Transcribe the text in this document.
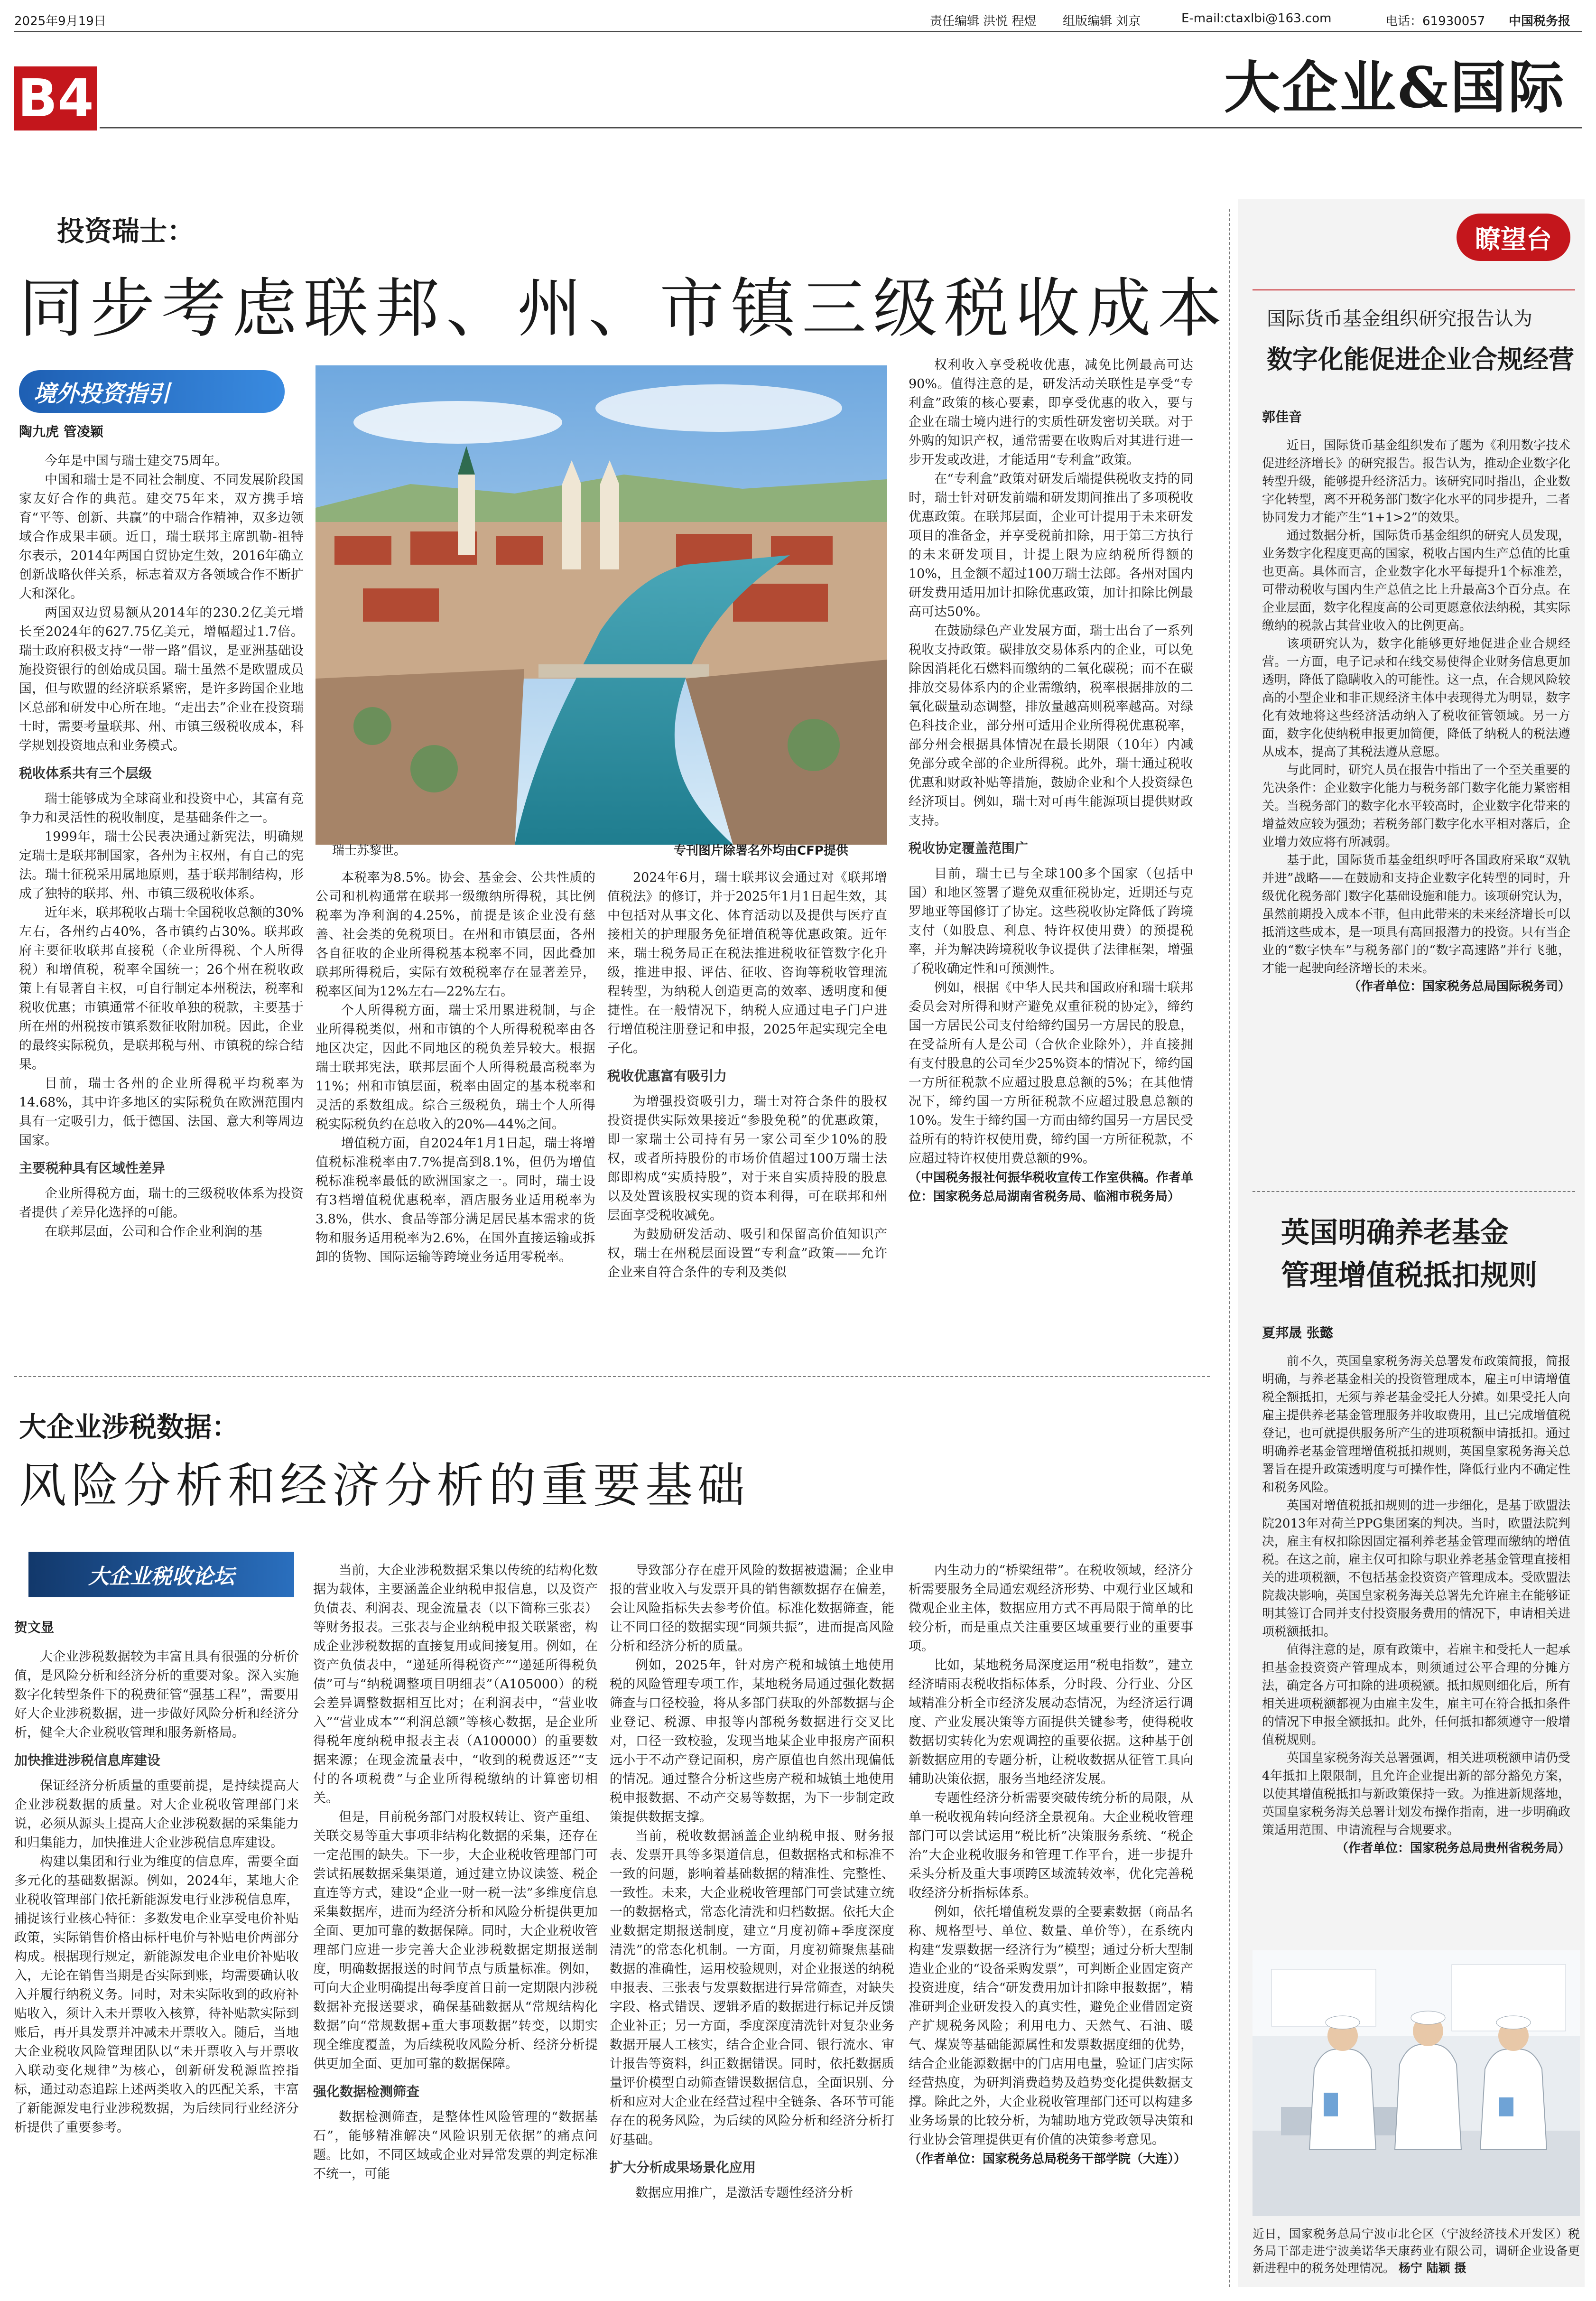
2025年9月19日	责任编辑 洪悦 程煜 组版编辑 刘京	E-mail:ctaxlbi@163.com	电话：61930057 中国税务报
B4	大企业&国际
投资瑞士：
同步考虑联邦、州、市镇三级税收成本
境外投资指引

陶九虎 管凌颖

今年是中国与瑞士建交75周年。

中国和瑞士是不同社会制度、不同发展阶段国家友好合作的典范。建交75年来，双方携手培育“平等、创新、共赢”的中瑞合作精神，双多边领域合作成果丰硕。近日，瑞士联邦主席凯勒-祖特尔表示，2014年两国自贸协定生效，2016年确立创新战略伙伴关系，标志着双方各领域合作不断扩大和深化。

两国双边贸易额从2014年的230.2亿美元增长至2024年的627.75亿美元，增幅超过1.7倍。瑞士政府积极支持“一带一路”倡议，是亚洲基础设施投资银行的创始成员国。瑞士虽然不是欧盟成员国，但与欧盟的经济联系紧密，是许多跨国企业地区总部和研发中心所在地。“走出去”企业在投资瑞士时，需要考量联邦、州、市镇三级税收成本，科学规划投资地点和业务模式。

税收体系共有三个层级

瑞士能够成为全球商业和投资中心，其富有竞争力和灵活性的税收制度，是基础条件之一。

1999年，瑞士公民表决通过新宪法，明确规定瑞士是联邦制国家，各州为主权州，有自己的宪法。瑞士征税采用属地原则，基于联邦制结构，形成了独特的联邦、州、市镇三级税收体系。

近年来，联邦税收占瑞士全国税收总额的30%左右，各州约占40%，各市镇约占30%。联邦政府主要征收联邦直接税（企业所得税、个人所得税）和增值税，税率全国统一；26个州在税收政策上有显著自主权，可自行制定本州税法，税率和税收优惠；市镇通常不征收单独的税款，主要基于所在州的州税按市镇系数征收附加税。因此，企业的最终实际税负，是联邦税与州、市镇税的综合结果。

目前，瑞士各州的企业所得税平均税率为14.68%，其中许多地区的实际税负在欧洲范围内具有一定吸引力，低于德国、法国、意大利等周边国家。

主要税种具有区域性差异

企业所得税方面，瑞士的三级税收体系为投资者提供了差异化选择的可能。

在联邦层面，公司和合作企业利润的基

瑞士苏黎世。	专刊图片除署名外均由CFP提供

本税率为8.5%。协会、基金会、公共性质的公司和机构通常在联邦一级缴纳所得税，其比例税率为净利润的4.25%，前提是该企业没有慈善、社会类的免税项目。在州和市镇层面，各州各自征收的企业所得税基本税率不同，因此叠加联邦所得税后，实际有效税税率存在显著差异，税率区间为12%左右—22%左右。

个人所得税方面，瑞士采用累进税制，与企业所得税类似，州和市镇的个人所得税税率由各地区决定，因此不同地区的税负差异较大。根据瑞士联邦宪法，联邦层面个人所得税最高税率为11%；州和市镇层面，税率由固定的基本税率和灵活的系数组成。综合三级税负，瑞士个人所得税实际税负约在总收入的20%—44%之间。

增值税方面，自2024年1月1日起，瑞士将增值税标准税率由7.7%提高到8.1%，但仍为增值税标准税率最低的欧洲国家之一。同时，瑞士设有3档增值税优惠税率，酒店服务业适用税率为3.8%，供水、食品等部分满足居民基本需求的货物和服务适用税率为2.6%，在国外直接运输或拆卸的货物、国际运输等跨境业务适用零税率。

2024年6月，瑞士联邦议会通过对《联邦增值税法》的修订，并于2025年1月1日起生效，其中包括对从事文化、体育活动以及提供与医疗直接相关的护理服务免征增值税等优惠政策。近年来，瑞士税务局正在税法推进税收征管数字化升级，推进申报、评估、征收、咨询等税收管理流程转型，为纳税人创造更高的效率、透明度和便捷性。在一般情况下，纳税人应通过电子门户进行增值税注册登记和申报，2025年起实现完全电子化。

税收优惠富有吸引力

为增强投资吸引力，瑞士对符合条件的股权投资提供实际效果接近“参股免税”的优惠政策，即一家瑞士公司持有另一家公司至少10%的股权，或者所持股份的市场价值超过100万瑞士法郎即构成“实质持股”，对于来自实质持股的股息以及处置该股权实现的资本利得，可在联邦和州层面享受税收减免。

为鼓励研发活动、吸引和保留高价值知识产权，瑞士在州税层面设置“专利盒”政策——允许企业来自符合条件的专利及类似

权利收入享受税收优惠，减免比例最高可达90%。值得注意的是，研发活动关联性是享受“专利盒”政策的核心要素，即享受优惠的收入，要与企业在瑞士境内进行的实质性研发密切关联。对于外购的知识产权，通常需要在收购后对其进行进一步开发或改进，才能适用“专利盒”政策。

在“专利盒”政策对研发后端提供税收支持的同时，瑞士针对研发前端和研发期间推出了多项税收优惠政策。在联邦层面，企业可计提用于未来研发项目的准备金，并享受税前扣除，用于第三方执行的未来研发项目，计提上限为应纳税所得额的10%，且金额不超过100万瑞士法郎。各州对国内研发费用适用加计扣除优惠政策，加计扣除比例最高可达50%。

在鼓励绿色产业发展方面，瑞士出台了一系列税收支持政策。碳排放交易体系内的企业，可以免除因消耗化石燃料而缴纳的二氧化碳税；而不在碳排放交易体系内的企业需缴纳，税率根据排放的二氧化碳量动态调整，排放量越高则税率越高。对绿色科技企业，部分州可适用企业所得税优惠税率，部分州会根据具体情况在最长期限（10年）内减免部分或全部的企业所得税。此外，瑞士通过税收优惠和财政补贴等措施，鼓励企业和个人投资绿色经济项目。例如，瑞士对可再生能源项目提供财政支持。

税收协定覆盖范围广

目前，瑞士已与全球100多个国家（包括中国）和地区签署了避免双重征税协定，近期还与克罗地亚等国修订了协定。这些税收协定降低了跨境支付（如股息、利息、特许权使用费）的预提税率，并为解决跨境税收争议提供了法律框架，增强了税收确定性和可预测性。

例如，根据《中华人民共和国政府和瑞士联邦委员会对所得和财产避免双重征税的协定》，缔约国一方居民公司支付给缔约国另一方居民的股息，在受益所有人是公司（合伙企业除外），并直接拥有支付股息的公司至少25%资本的情况下，缔约国一方所征税款不应超过股息总额的5%；在其他情况下，缔约国一方所征税款不应超过股息总额的10%。发生于缔约国一方而由缔约国另一方居民受益所有的特许权使用费，缔约国一方所征税款，不应超过特许权使用费总额的9%。

（中国税务报社何振华税收宣传工作室供稿。作者单位：国家税务总局湖南省税务局、临湘市税务局）

大企业涉税数据：
风险分析和经济分析的重要基础
大企业税收论坛

贺文显

大企业涉税数据较为丰富且具有很强的分析价值，是风险分析和经济分析的重要对象。深入实施数字化转型条件下的税费征管“强基工程”，需要用好大企业涉税数据，进一步做好风险分析和经济分析，健全大企业税收管理和服务新格局。

加快推进涉税信息库建设

保证经济分析质量的重要前提，是持续提高大企业涉税数据的质量。对大企业税收管理部门来说，必须从源头上提高大企业涉税数据的采集能力和归集能力，加快推进大企业涉税信息库建设。

构建以集团和行业为维度的信息库，需要全面多元化的基础数据源。例如，2024年，某地大企业税收管理部门依托新能源发电行业涉税信息库，捕捉该行业核心特征：多数发电企业享受电价补贴政策，实际销售价格由标杆电价与补贴电价两部分构成。根据现行规定，新能源发电企业电价补贴收入，无论在销售当期是否实际到账，均需要确认收入并履行纳税义务。同时，对未实际收到的政府补贴收入，须计入未开票收入核算，待补贴款实际到账后，再开具发票并冲减未开票收入。随后，当地大企业税收风险管理团队以“未开票收入与开票收入联动变化规律”为核心，创新研发税源监控指标，通过动态追踪上述两类收入的匹配关系，丰富了新能源发电行业涉税数据，为后续同行业经济分析提供了重要参考。

当前，大企业涉税数据采集以传统的结构化数据为载体，主要涵盖企业纳税申报信息，以及资产负债表、利润表、现金流量表（以下简称三张表）等财务报表。三张表与企业纳税申报关联紧密，构成企业涉税数据的直接复用或间接复用。例如，在资产负债表中，“递延所得税资产”“递延所得税负债”可与“纳税调整项目明细表”（A105000）的税会差异调整数据相互比对；在利润表中，“营业收入”“营业成本”“利润总额”等核心数据，是企业所得税年度纳税申报表主表（A100000）的重要数据来源；在现金流量表中，“收到的税费返还”“支付的各项税费”与企业所得税缴纳的计算密切相关。

但是，目前税务部门对股权转让、资产重组、关联交易等重大事项非结构化数据的采集，还存在一定范围的缺失。下一步，大企业税收管理部门可尝试拓展数据采集渠道，通过建立协议读签、税企直连等方式，建设“企业一财一税一法”多维度信息采集数据库，进而为经济分析和风险分析提供更加全面、更加可靠的数据保障。同时，大企业税收管理部门应进一步完善大企业涉税数据定期报送制度，明确数据报送的时间节点与质量标准。例如，可向大企业明确提出每季度首日前一定期限内涉税数据补充报送要求，确保基础数据从“常规结构化数据”向“常规数据+重大事项数据”转变，以期实现全维度覆盖，为后续税收风险分析、经济分析提供更加全面、更加可靠的数据保障。

强化数据检测筛查

数据检测筛查，是整体性风险管理的“数据基石”，能够精准解决“风险识别无依据”的痛点问题。比如，不同区域或企业对异常发票的判定标准不统一，可能

导致部分存在虚开风险的数据被遗漏；企业申报的营业收入与发票开具的销售额数据存在偏差，会让风险指标失去参考价值。标准化数据筛查，能让不同口径的数据实现“同频共振”，进而提高风险分析和经济分析的质量。

例如，2025年，针对房产税和城镇土地使用税的风险管理专项工作，某地税务局通过强化数据筛查与口径校验，将从多部门获取的外部数据与企业登记、税源、申报等内部税务数据进行交叉比对，口径一致校验，发现当地某企业申报房产面积远小于不动产登记面积，房产原值也自然出现偏低的情况。通过整合分析这些房产税和城镇土地使用税申报数据、不动产交易等数据，为下一步制定政策提供数据支撑。

当前，税收数据涵盖企业纳税申报、财务报表、发票开具等多渠道信息，但数据格式和标准不一致的问题，影响着基础数据的精准性、完整性、一致性。未来，大企业税收管理部门可尝试建立统一的数据格式，常态化清洗和归档数据。依托大企业数据定期报送制度，建立“月度初筛+季度深度清洗”的常态化机制。一方面，月度初筛聚焦基础数据的准确性，运用校验规则，对企业报送的纳税申报表、三张表与发票数据进行异常筛查，对缺失字段、格式错误、逻辑矛盾的数据进行标记并反馈企业补正；另一方面，季度深度清洗针对复杂业务数据开展人工核实，结合企业合同、银行流水、审计报告等资料，纠正数据错误。同时，依托数据质量评价模型自动筛查错误数据信息，全面识别、分析和应对大企业在经营过程中全链条、各环节可能存在的税务风险，为后续的风险分析和经济分析打好基础。

扩大分析成果场景化应用

数据应用推广，是激活专题性经济分析

内生动力的“桥梁纽带”。在税收领域，经济分析需要服务全局通宏观经济形势、中观行业区域和微观企业主体，数据应用方式不再局限于简单的比较分析，而是重点关注重要区域重要行业的重要事项。

比如，某地税务局深度运用“税电指数”，建立经济晴雨表税收指标体系，分时段、分行业、分区域精准分析全市经济发展动态情况，为经济运行调度、产业发展决策等方面提供关键参考，使得税收数据切实转化为宏观调控的重要依据。这种基于创新数据应用的专题分析，让税收数据从征管工具向辅助决策依据，服务当地经济发展。

专题性经济分析需要突破传统分析的局限，从单一税收视角转向经济全景视角。大企业税收管理部门可以尝试运用“税比析”决策服务系统、“税企治”大企业税收服务和管理工作平台，进一步提升采头分析及重大事项跨区域流转效率，优化完善税收经济分析指标体系。

例如，依托增值税发票的全要素数据（商品名称、规格型号、单位、数量、单价等），在系统内构建“发票数据一经济行为”模型；通过分析大型制造业企业的“设备采购发票”，可判断企业固定资产投资进度，结合“研发费用加计扣除申报数据”，精准研判企业研发投入的真实性，避免企业借固定资产扩规税务风险；利用电力、天然气、石油、暖气、煤炭等基础能源属性和发票数据度细的优势，结合企业能源数据中的门店用电量，验证门店实际经营热度，为研判消费趋势及趋势变化提供数据支撑。除此之外，大企业税收管理部门还可以构建多业务场景的比较分析，为辅助地方党政领导决策和行业协会管理提供更有价值的决策参考意见。

（作者单位：国家税务总局税务干部学院（大连））

瞭望台
国际货币基金组织研究报告认为
数字化能促进企业合规经营

郭佳音

近日，国际货币基金组织发布了题为《利用数字技术促进经济增长》的研究报告。报告认为，推动企业数字化转型升级，能够提升经济活力。该研究同时指出，企业数字化转型，离不开税务部门数字化水平的同步提升，二者协同发力才能产生“1+1>2”的效果。

通过数据分析，国际货币基金组织的研究人员发现，业务数字化程度更高的国家，税收占国内生产总值的比重也更高。具体而言，企业数字化水平每提升1个标准差，可带动税收与国内生产总值之比上升最高3个百分点。在企业层面，数字化程度高的公司更愿意依法纳税，其实际缴纳的税款占其营业收入的比例更高。

该项研究认为，数字化能够更好地促进企业合规经营。一方面，电子记录和在线交易使得企业财务信息更加透明，降低了隐瞒收入的可能性。这一点，在合规风险较高的小型企业和非正规经济主体中表现得尤为明显，数字化有效地将这些经济活动纳入了税收征管领域。另一方面，数字化使纳税申报更加简便，降低了纳税人的税法遵从成本，提高了其税法遵从意愿。

与此同时，研究人员在报告中指出了一个至关重要的先决条件：企业数字化能力与税务部门数字化能力紧密相关。当税务部门的数字化水平较高时，企业数字化带来的增益效应较为强劲；若税务部门数字化水平相对落后，企业增力效应将有所减弱。

基于此，国际货币基金组织呼吁各国政府采取“双轨并进”战略——在鼓励和支持企业数字化转型的同时，升级优化税务部门数字化基础设施和能力。该项研究认为，虽然前期投入成本不菲，但由此带来的未来经济增长可以抵消这些成本，是一项具有高回报潜力的投资。只有当企业的“数字快车”与税务部门的“数字高速路”并行飞驰，才能一起驶向经济增长的未来。

（作者单位：国家税务总局国际税务司）

英国明确养老基金
管理增值税抵扣规则

夏邦晟 张懿

前不久，英国皇家税务海关总署发布政策简报，简报明确，与养老基金相关的投资管理成本，雇主可申请增值税全额抵扣，无须与养老基金受托人分摊。如果受托人向雇主提供养老基金管理服务并收取费用，且已完成增值税登记，也可就提供服务所产生的进项税额申请抵扣。通过明确养老基金管理增值税抵扣规则，英国皇家税务海关总署旨在提升政策透明度与可操作性，降低行业内不确定性和税务风险。

英国对增值税抵扣规则的进一步细化，是基于欧盟法院2013年对荷兰PPG集团案的判决。当时，欧盟法院判决，雇主有权扣除因固定福利养老基金管理而缴纳的增值税。在这之前，雇主仅可扣除与职业养老基金管理直接相关的进项税额，不包括基金投资资产管理成本。受欧盟法院裁决影响，英国皇家税务海关总署先允许雇主在能够证明其签订合同并支付投资服务费用的情况下，申请相关进项税额抵扣。

值得注意的是，原有政策中，若雇主和受托人一起承担基金投资资产管理成本，则须通过公平合理的分摊方法，确定各方可扣除的进项税额。抵扣规则细化后，所有相关进项税额都视为由雇主发生，雇主可在符合抵扣条件的情况下申报全额抵扣。此外，任何抵扣都须遵守一般增值税规则。

英国皇家税务海关总署强调，相关进项税额申请仍受4年抵扣上限限制，且允许企业提出新的部分豁免方案，以使其增值税抵扣与新政策保持一致。为推进新规落地，英国皇家税务海关总署计划发布操作指南，进一步明确政策适用范围、申请流程与合规要求。

（作者单位：国家税务总局贵州省税务局）

近日，国家税务总局宁波市北仑区（宁波经济技术开发区）税务局干部走进宁波美诺华天康药业有限公司，调研企业设备更新进程中的税务处理情况。 杨宁 陆颖 摄
